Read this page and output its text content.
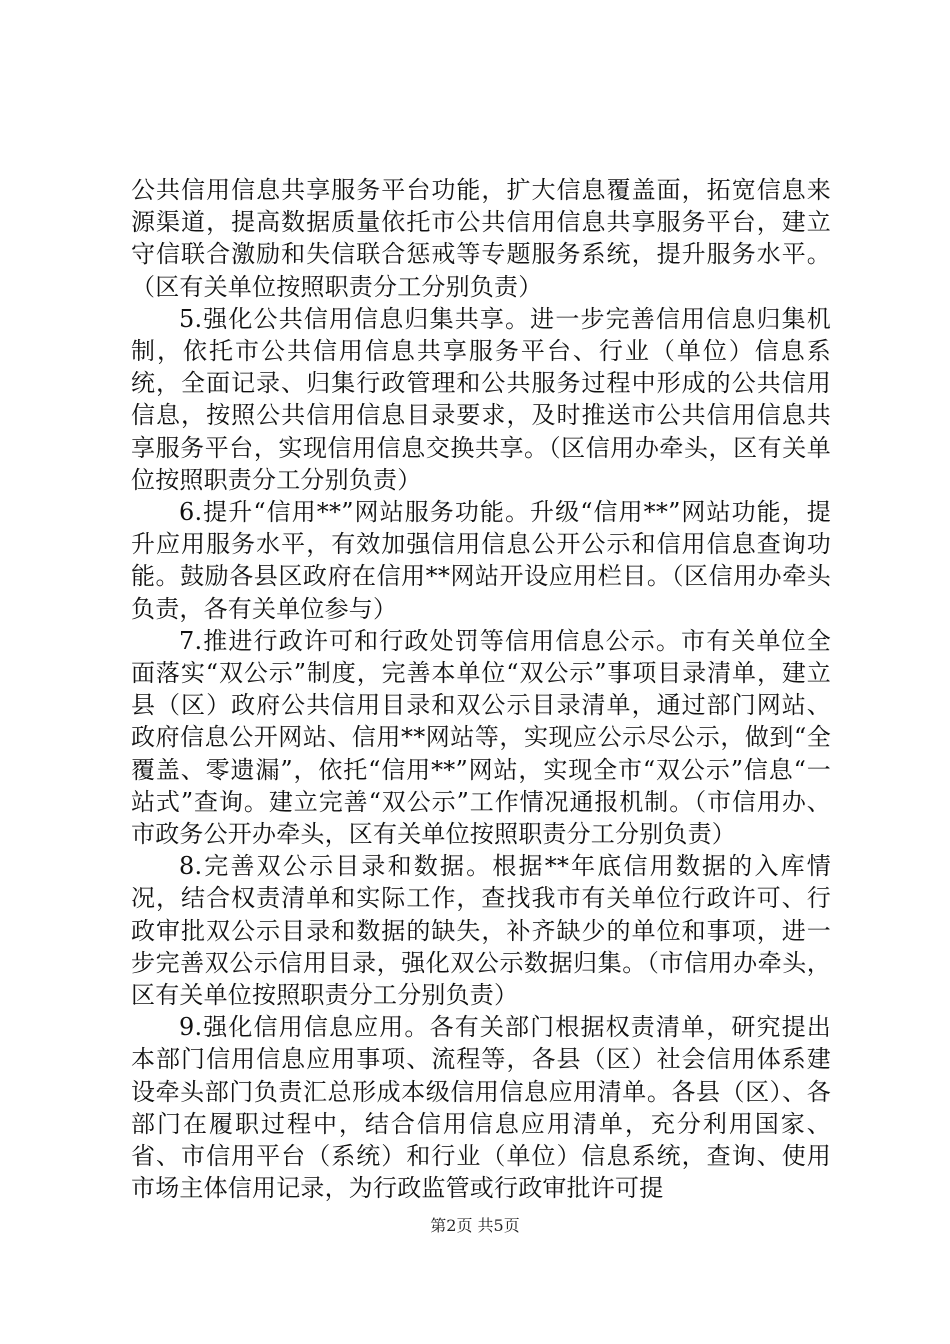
公共信用信息共享服务平台功能，扩大信息覆盖面，拓宽信息来源渠道，提高数据质量依托市公共信用信息共享服务平台，建立守信联合激励和失信联合惩戒等专题服务系统，提升服务水平。（区有关单位按照职责分工分别负责）

5.强化公共信用信息归集共享。进一步完善信用信息归集机制，依托市公共信用信息共享服务平台、行业（单位）信息系统，全面记录、归集行政管理和公共服务过程中形成的公共信用信息，按照公共信用信息目录要求，及时推送市公共信用信息共享服务平台，实现信用信息交换共享。（区信用办牵头，区有关单位按照职责分工分别负责）

6.提升“信用**”网站服务功能。升级“信用**”网站功能，提升应用服务水平，有效加强信用信息公开公示和信用信息查询功能。鼓励各县区政府在信用**网站开设应用栏目。（区信用办牵头负责，各有关单位参与）

7.推进行政许可和行政处罚等信用信息公示。市有关单位全面落实“双公示”制度，完善本单位“双公示”事项目录清单，建立县（区）政府公共信用目录和双公示目录清单，通过部门网站、政府信息公开网站、信用**网站等，实现应公示尽公示，做到“全覆盖、零遗漏”，依托“信用**”网站，实现全市“双公示”信息“一站式”查询。建立完善“双公示”工作情况通报机制。（市信用办、市政务公开办牵头，区有关单位按照职责分工分别负责）

8.完善双公示目录和数据。根据**年底信用数据的入库情况，结合权责清单和实际工作，查找我市有关单位行政许可、行政审批双公示目录和数据的缺失，补齐缺少的单位和事项，进一步完善双公示信用目录，强化双公示数据归集。（市信用办牵头，区有关单位按照职责分工分别负责）

9.强化信用信息应用。各有关部门根据权责清单，研究提出本部门信用信息应用事项、流程等，各县（区）社会信用体系建设牵头部门负责汇总形成本级信用信息应用清单。各县（区）、各部门在履职过程中，结合信用信息应用清单，充分利用国家、省、市信用平台（系统）和行业（单位）信息系统，查询、使用市场主体信用记录，为行政监管或行政审批许可提

第2页 共5页
